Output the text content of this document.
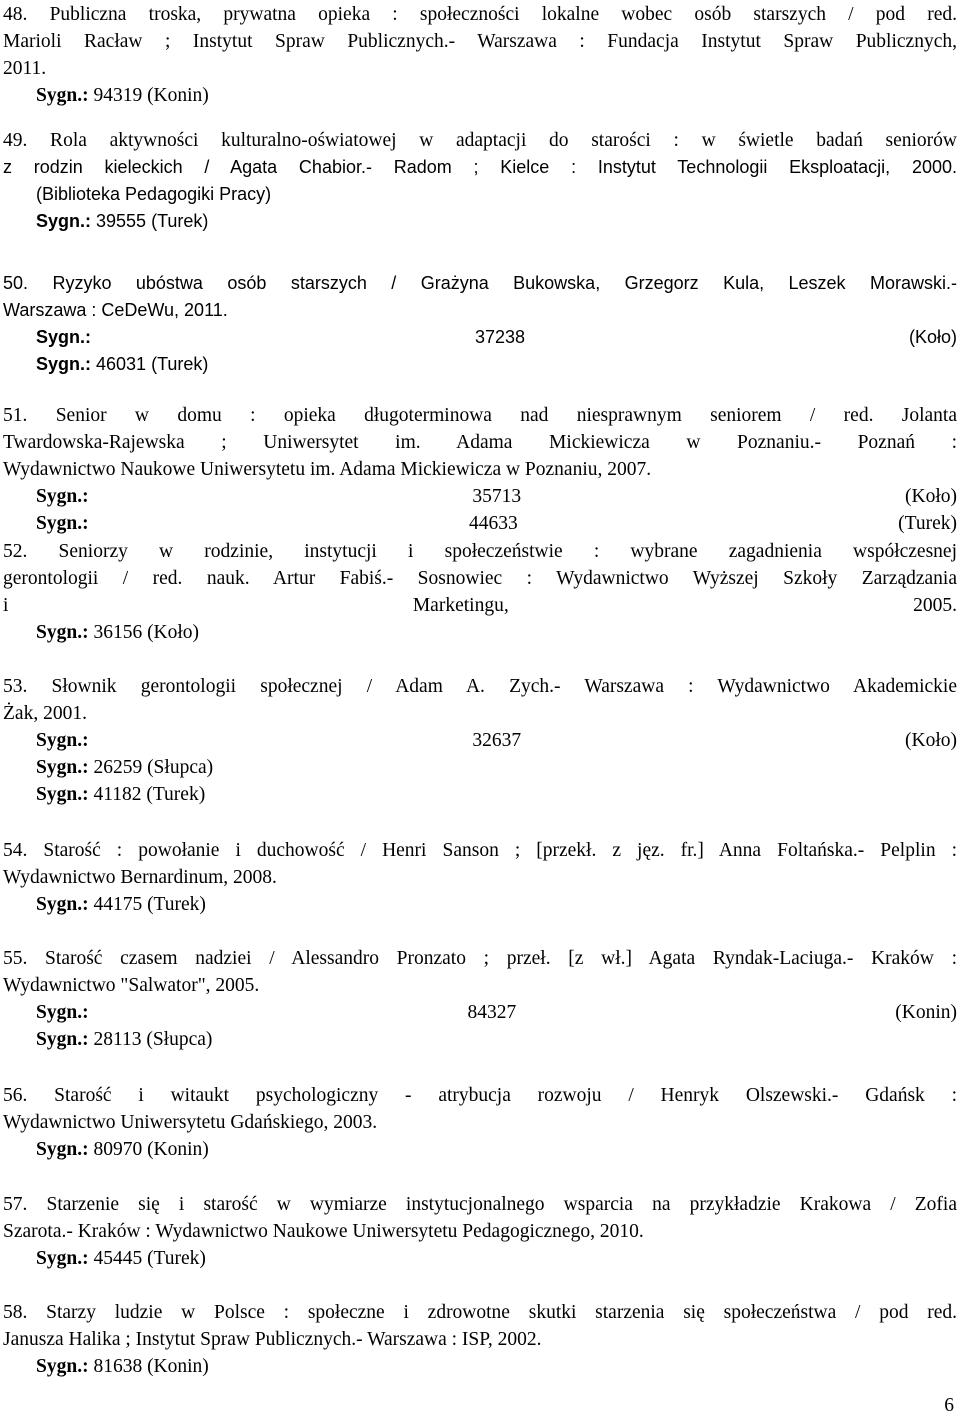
48. Publiczna troska, prywatna opieka : społeczności lokalne wobec osób starszych / pod red.
Marioli Racław ; Instytut Spraw Publicznych.- Warszawa : Fundacja Instytut Spraw Publicznych,
2011.
Sygn.: 94319 (Konin)
49. Rola aktywności kulturalno-oświatowej w adaptacji do starości : w świetle badań seniorów
z rodzin kieleckich / Agata Chabior.- Radom ; Kielce : Instytut Technologii Eksploatacji, 2000.
(Biblioteka Pedagogiki Pracy)
Sygn.: 39555 (Turek)
50. Ryzyko ubóstwa osób starszych / Grażyna Bukowska, Grzegorz Kula, Leszek Morawski.-
Warszawa : CeDeWu, 2011.
Sygn.:	37238	(Koło)
Sygn.: 46031 (Turek)
51. Senior w domu : opieka długoterminowa nad niesprawnym seniorem / red. Jolanta
Twardowska-Rajewska ; Uniwersytet im. Adama Mickiewicza w Poznaniu.- Poznań :
Wydawnictwo Naukowe Uniwersytetu im. Adama Mickiewicza w Poznaniu, 2007.
Sygn.:	35713	(Koło)
Sygn.:	44633	(Turek)
52. Seniorzy w rodzinie, instytucji i społeczeństwie : wybrane zagadnienia współczesnej
gerontologii / red. nauk. Artur Fabiś.- Sosnowiec : Wydawnictwo Wyższej Szkoły Zarządzania
i	Marketingu,	2005.
Sygn.: 36156 (Koło)
53. Słownik gerontologii społecznej / Adam A. Zych.- Warszawa : Wydawnictwo Akademickie
Żak, 2001.
Sygn.:	32637	(Koło)
Sygn.: 26259 (Słupca)
Sygn.: 41182 (Turek)
54. Starość : powołanie i duchowość / Henri Sanson ; [przekł. z jęz. fr.] Anna Foltańska.- Pelplin :
Wydawnictwo Bernardinum, 2008.
Sygn.: 44175 (Turek)
55. Starość czasem nadziei / Alessandro Pronzato ; przeł. [z wł.] Agata Ryndak-Laciuga.- Kraków :
Wydawnictwo "Salwator", 2005.
Sygn.:	84327	(Konin)
Sygn.: 28113 (Słupca)
56. Starość i witaukt psychologiczny - atrybucja rozwoju / Henryk Olszewski.- Gdańsk :
Wydawnictwo Uniwersytetu Gdańskiego, 2003.
Sygn.: 80970 (Konin)
57. Starzenie się i starość w wymiarze instytucjonalnego wsparcia na przykładzie Krakowa / Zofia
Szarota.- Kraków : Wydawnictwo Naukowe Uniwersytetu Pedagogicznego, 2010.
Sygn.: 45445 (Turek)
58. Starzy ludzie w Polsce : społeczne i zdrowotne skutki starzenia się społeczeństwa / pod red.
Janusza Halika ; Instytut Spraw Publicznych.- Warszawa : ISP, 2002.
Sygn.: 81638 (Konin)
6
